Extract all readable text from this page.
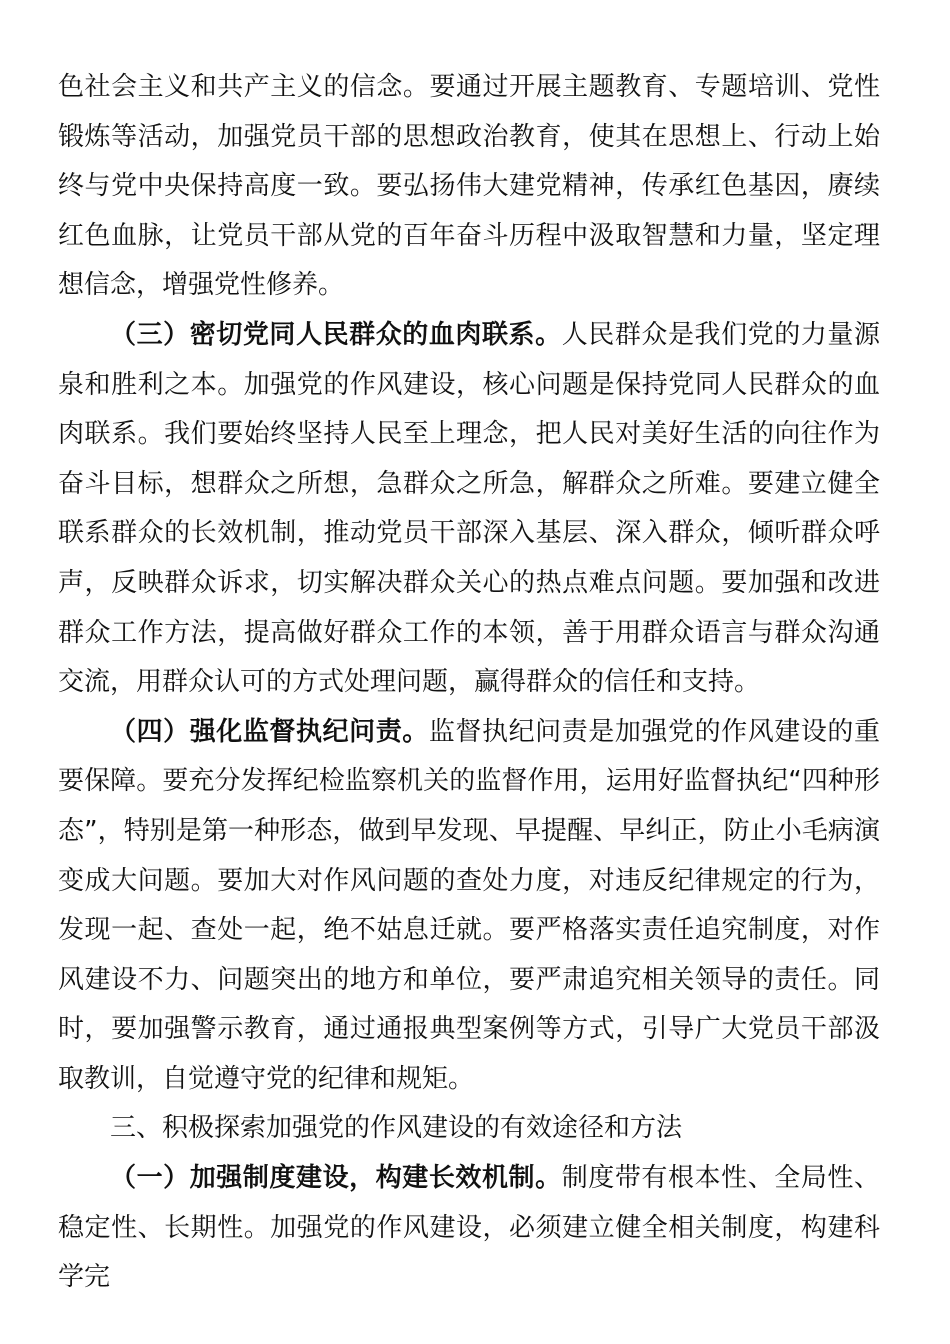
色社会主义和共产主义的信念。要通过开展主题教育、专题培训、党性锻炼等活动，加强党员干部的思想政治教育，使其在思想上、行动上始终与党中央保持高度一致。要弘扬伟大建党精神，传承红色基因，赓续红色血脉，让党员干部从党的百年奋斗历程中汲取智慧和力量，坚定理想信念，增强党性修养。

（三）密切党同人民群众的血肉联系。人民群众是我们党的力量源泉和胜利之本。加强党的作风建设，核心问题是保持党同人民群众的血肉联系。我们要始终坚持人民至上理念，把人民对美好生活的向往作为奋斗目标，想群众之所想，急群众之所急，解群众之所难。要建立健全联系群众的长效机制，推动党员干部深入基层、深入群众，倾听群众呼声，反映群众诉求，切实解决群众关心的热点难点问题。要加强和改进群众工作方法，提高做好群众工作的本领，善于用群众语言与群众沟通交流，用群众认可的方式处理问题，赢得群众的信任和支持。

（四）强化监督执纪问责。监督执纪问责是加强党的作风建设的重要保障。要充分发挥纪检监察机关的监督作用，运用好监督执纪“四种形态”，特别是第一种形态，做到早发现、早提醒、早纠正，防止小毛病演变成大问题。要加大对作风问题的查处力度，对违反纪律规定的行为，发现一起、查处一起，绝不姑息迁就。要严格落实责任追究制度，对作风建设不力、问题突出的地方和单位，要严肃追究相关领导的责任。同时，要加强警示教育，通过通报典型案例等方式，引导广大党员干部汲取教训，自觉遵守党的纪律和规矩。

三、积极探索加强党的作风建设的有效途径和方法

（一）加强制度建设，构建长效机制。制度带有根本性、全局性、稳定性、长期性。加强党的作风建设，必须建立健全相关制度，构建科学完
